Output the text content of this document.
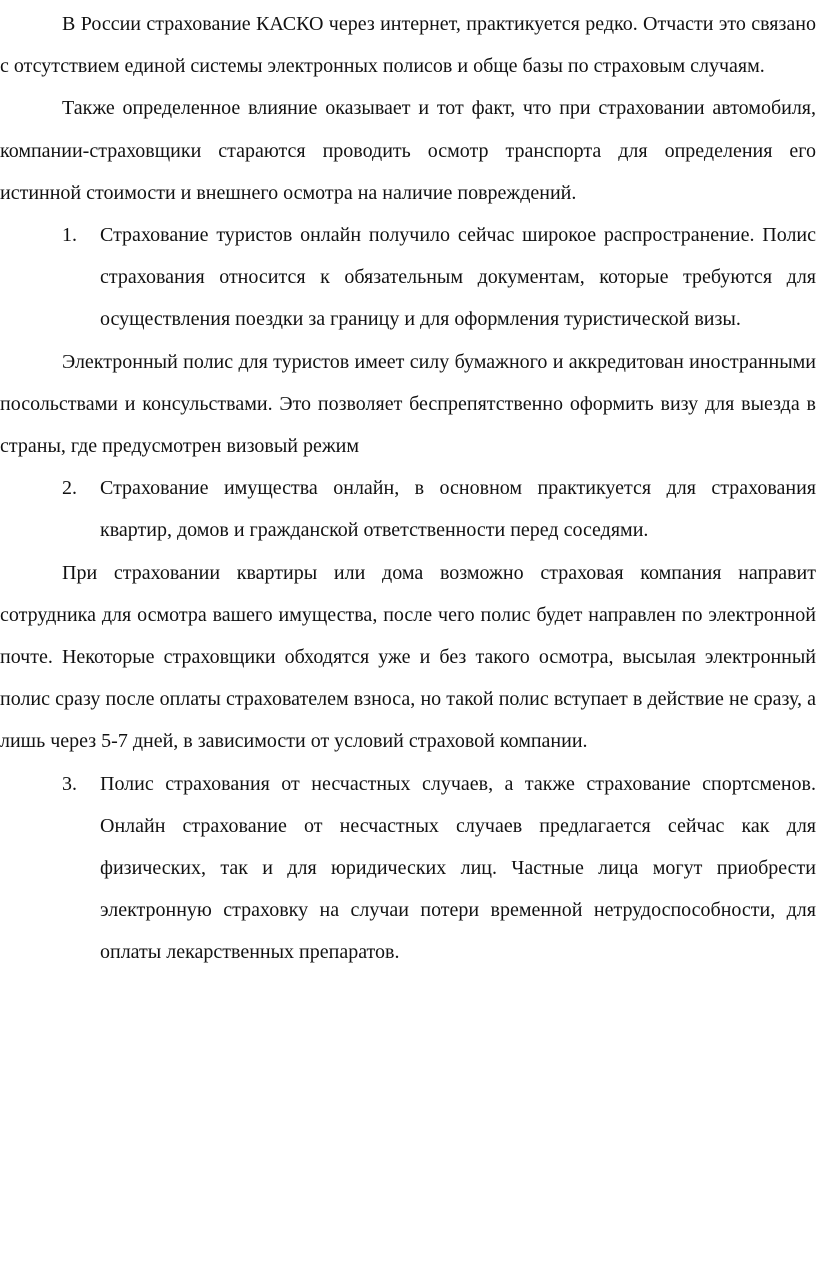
В России страхование КАСКО через интернет, практикуется редко. Отчасти это связано с отсутствием единой системы электронных полисов и обще базы по страховым случаям.

Также определенное влияние оказывает и тот факт, что при страховании автомобиля, компании-страховщики стараются проводить осмотр транспорта для определения его истинной стоимости и внешнего осмотра на наличие повреждений.

1.	Страхование туристов онлайн получило сейчас широкое распространение. Полис страхования относится к обязательным документам, которые требуются для осуществления поездки за границу и для оформления туристической визы.

Электронный полис для туристов имеет силу бумажного и аккредитован иностранными посольствами и консульствами. Это позволяет беспрепятственно оформить визу для выезда в страны, где предусмотрен визовый режим

2.	Страхование имущества онлайн, в основном практикуется для страхования квартир, домов и гражданской ответственности перед соседями.

При страховании квартиры или дома возможно страховая компания направит сотрудника для осмотра вашего имущества, после чего полис будет направлен по электронной почте. Некоторые страховщики обходятся уже и без такого осмотра, высылая электронный полис сразу после оплаты страхователем взноса, но такой полис вступает в действие не сразу, а лишь через 5-7 дней, в зависимости от условий страховой компании.

3.	Полис страхования от несчастных случаев, а также страхование спортсменов. Онлайн страхование от несчастных случаев предлагается сейчас как для физических, так и для юридических лиц. Частные лица могут приобрести электронную страховку на случаи потери временной нетрудоспособности, для оплаты лекарственных препаратов.
